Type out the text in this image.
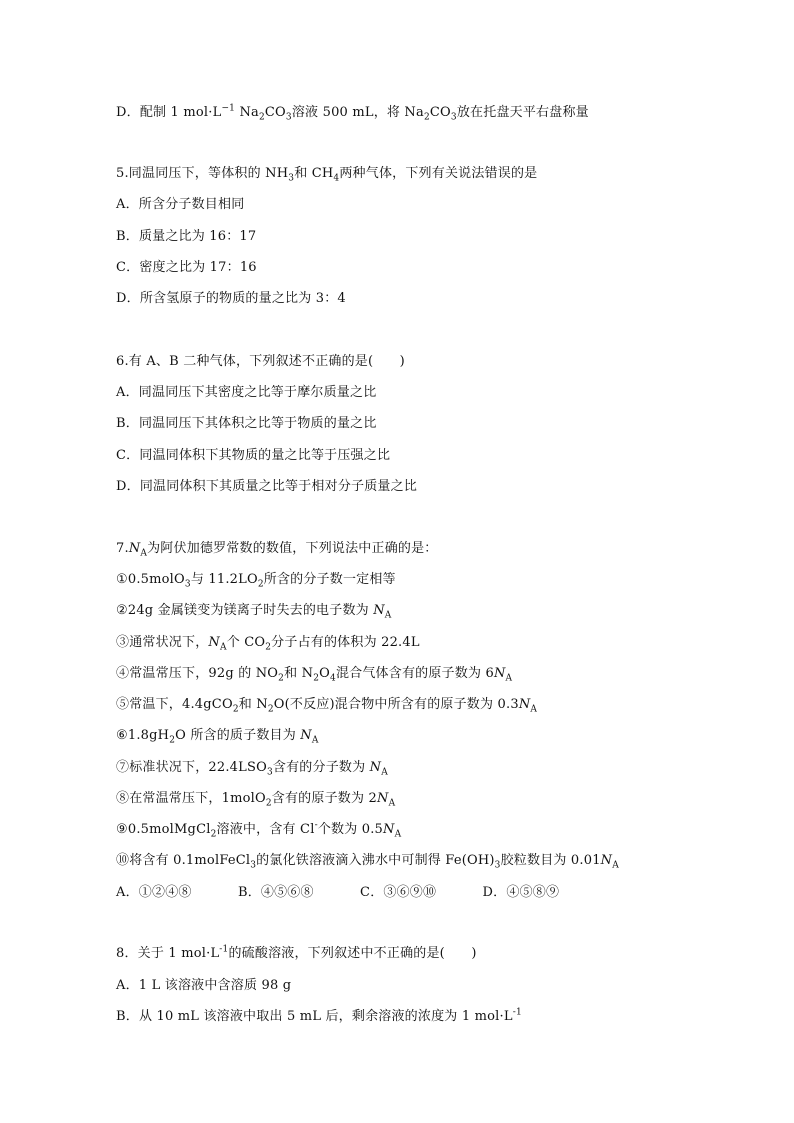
D．配制 1 $mol\cdot L^{-1}$ $Na_2CO_3$溶液 500 mL，将 $Na_2CO_3$放在托盘天平右盘称量
5.同温同压下，等体积的 $NH_3$和 $CH_4$两种气体，下列有关说法错误的是
A．所含分子数目相同
B．质量之比为 16：17
C．密度之比为 17：16
D．所含氢原子的物质的量之比为 3：4
6.有 A、B 二种气体，下列叙述不正确的是(　　)
A．同温同压下其密度之比等于摩尔质量之比
B．同温同压下其体积之比等于物质的量之比
C．同温同体积下其物质的量之比等于压强之比
D．同温同体积下其质量之比等于相对分子质量之比
$7.N_A$为阿伏加德罗常数的数值，下列说法中正确的是：
①0.5molO$_3$与 $11.2LO_2$所含的分子数一定相等
②24g 金属镁变为镁离子时失去的电子数为 $N_A$
③通常状况下，$N_A$个 $CO_2$分子占有的体积为 22.4L
④常温常压下，92g 的 $NO_2$和 $N_2O_4$混合气体含有的原子数为 $6N_A$
⑤常温下，4.4gCO$_2$和 $N_2O$(不反应)混合物中所含有的原子数为 $0.3N_A$
$⑥1.8gH_2O$ 所含的质子数目为 $N_A$
⑦标准状况下，$22.4LSO_3$含有的分子数为 $N_A$
⑧在常温常压下，1molO$_2$含有的原子数为 $2N_A$
⑨0.5molMgCl$_2$溶液中，含有 Cl-个数为 $0.5N_A$
⑩将含有 0.1molFeCl$_3$的氯化铁溶液滴入沸水中可制得 $Fe(OH)_3$胶粒数目为 $0.01N_A$
A．①②④⑧	B．④⑤⑥⑧	C．③⑥⑨⑩	D．④⑤⑧⑨
8．关于 1 $mol\cdot L^{-1}$的硫酸溶液，下列叙述中不正确的是(　　)
A．1 L 该溶液中含溶质 98 g
B．从 10 mL 该溶液中取出 5 mL 后，剩余溶液的浓度为 1 $mol\cdot L^{-1}$
